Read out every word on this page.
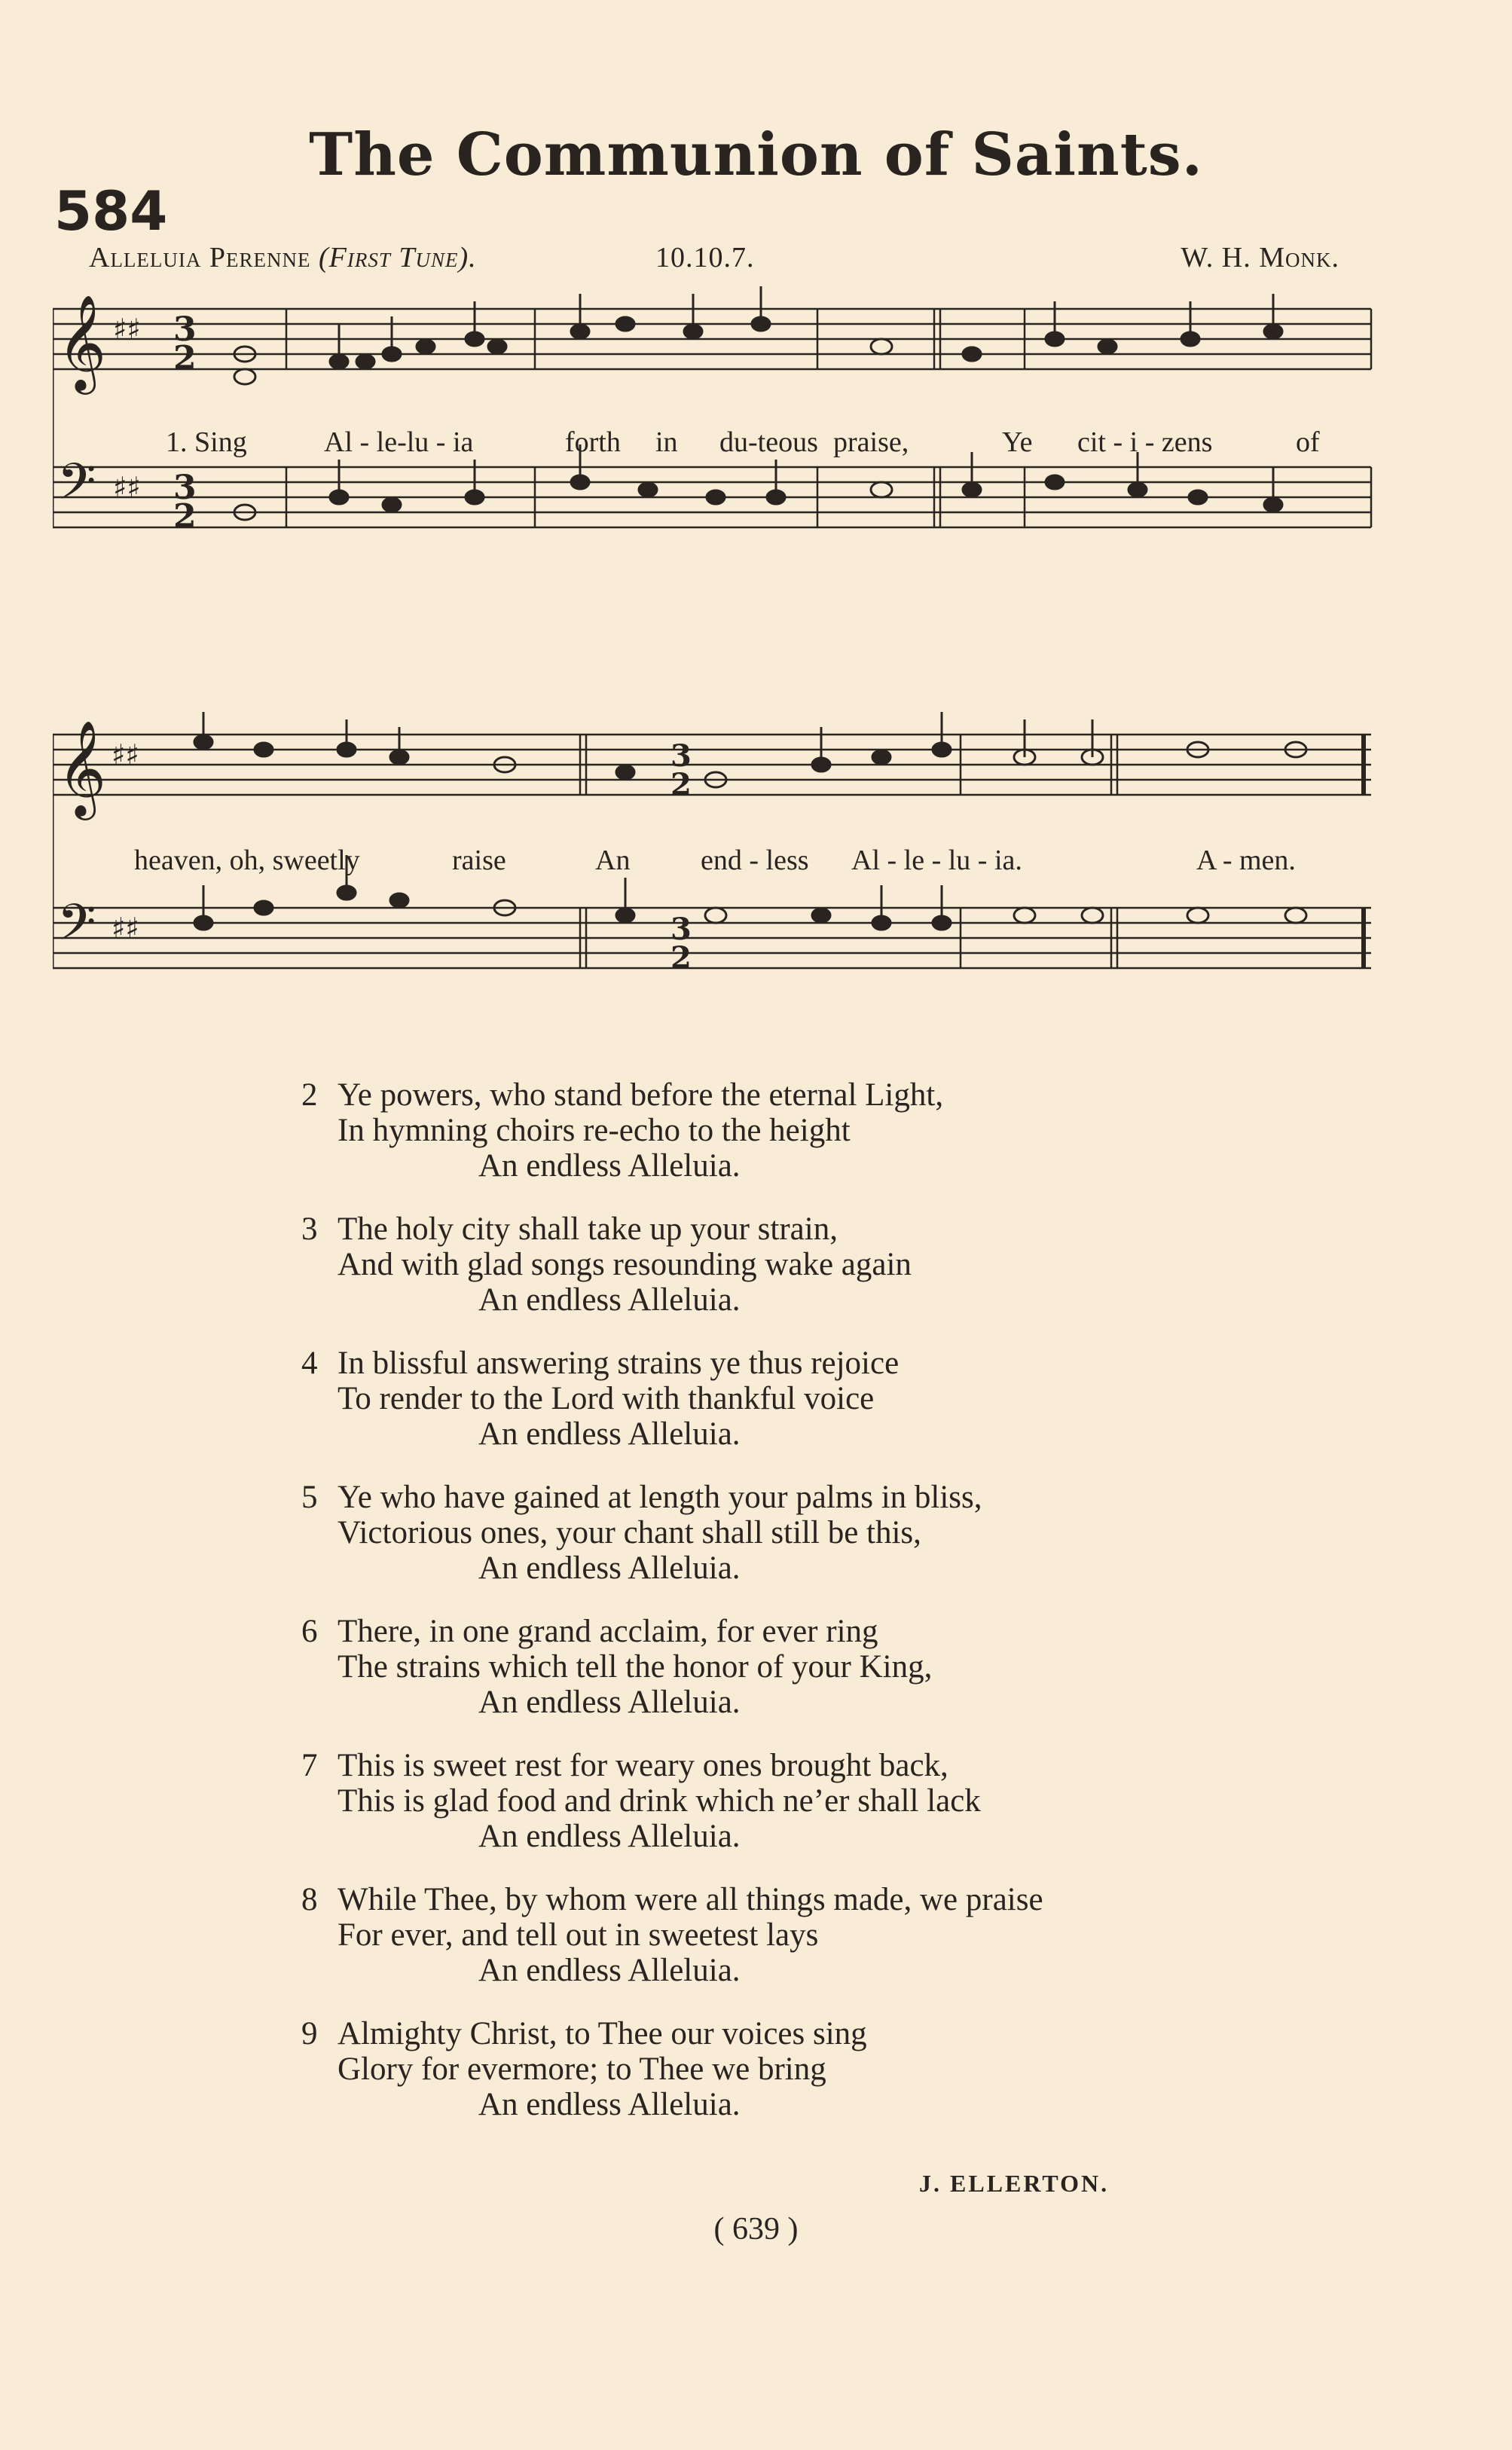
The Communion of Saints.
584
Alleluia Perenne (First Tune).	10.10.7.	W. H. Monk.
𝄞
𝄢
♯♯
♯♯
3
2
3
2
1. Sing	Al - le-lu - ia	forth in du-teous praise,	Ye cit - i - zens	of
𝄞
𝄢
♯♯
♯♯
3
2
3
2
heaven, oh, sweetly	raise	An end - less Al - le - lu - ia.	A - men.
2 Ye powers, who stand before the eternal Light,
In hymning choirs re-echo to the height
An endless Alleluia.
3 The holy city shall take up your strain,
And with glad songs resounding wake again
An endless Alleluia.
4 In blissful answering strains ye thus rejoice
To render to the Lord with thankful voice
An endless Alleluia.
5 Ye who have gained at length your palms in bliss,
Victorious ones, your chant shall still be this,
An endless Alleluia.
6 There, in one grand acclaim, for ever ring
The strains which tell the honor of your King,
An endless Alleluia.
7 This is sweet rest for weary ones brought back,
This is glad food and drink which ne’er shall lack
An endless Alleluia.
8 While Thee, by whom were all things made, we praise
For ever, and tell out in sweetest lays
An endless Alleluia.
9 Almighty Christ, to Thee our voices sing
Glory for evermore; to Thee we bring
An endless Alleluia.
J. ELLERTON.
( 639 )
